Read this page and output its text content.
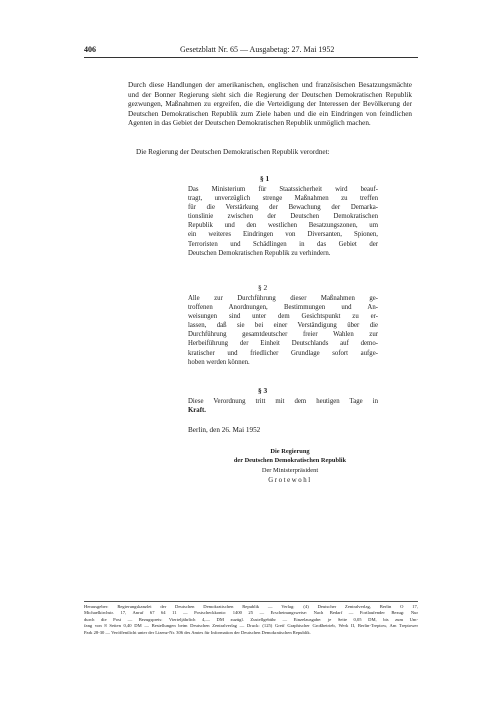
406	Gesetzblatt Nr. 65 — Ausgabetag: 27. Mai 1952
Durch diese Handlungen der amerikanischen, englischen und französischen Besatzungsmächte und der Bonner Regierung sieht sich die Regierung der Deutschen Demokratischen Republik gezwungen, Maßnahmen zu ergreifen, die die Verteidigung der Interessen der Bevölkerung der Deutschen Demokratischen Republik zum Ziele haben und die ein Eindringen von feindlichen Agenten in das Gebiet der Deutschen Demokratischen Republik unmöglich machen.
Die Regierung der Deutschen Demokratischen Republik verordnet:
§ 1
Das Ministerium für Staatssicherheit wird beauf-
tragt, unverzüglich strenge Maßnahmen zu treffen
für die Verstärkung der Bewachung der Demarka-
tionslinie zwischen der Deutschen Demokratischen
Republik und den westlichen Besatzungszonen, um
ein weiteres Eindringen von Diversanten, Spionen,
Terroristen und Schädlingen in das Gebiet der
Deutschen Demokratischen Republik zu verhindern.
§ 2
Alle zur Durchführung dieser Maßnahmen ge-
troffenen Anordnungen, Bestimmungen und An-
weisungen sind unter dem Gesichtspunkt zu er-
lassen, daß sie bei einer Verständigung über die
Durchführung gesamtdeutscher freier Wahlen zur
Herbeiführung der Einheit Deutschlands auf demo-
kratischer und friedlicher Grundlage sofort aufge-
hoben werden können.
§ 3
Diese Verordnung tritt mit dem heutigen Tage in
Kraft.
Berlin, den 26. Mai 1952
Die Regierung
der Deutschen Demokratischen Republik
Der Ministerpräsident
Grotewohl
Herausgeber: Regierungskanzlei der Deutschen Demokratischen Republik — Verlag: (4) Deutscher Zentralverlag, Berlin O 17,
Michaelkirchstr. 17, Anruf 67 64 11 — Postscheckkonto: 1400 25 — Erscheinungsweise: Nach Bedarf — Fortlaufender Bezug: Nur
durch die Post — Bezugspreis: Vierteljährlich 4,— DM zuzügl. Zustellgebühr — Einzelausgabe: je Seite 0,05 DM, bis zum Um-
fang von 8 Seiten 0,40 DM — Bestellungen beim Deutschen Zentralverlag — Druck: (125) Greif Graphischer Großbetrieb, Werk II, Berlin-Treptow, Am Treptower
Park 28-30 — Veröffentlicht unter der Lizenz-Nr. 306 des Amtes für Information der Deutschen Demokratischen Republik.
